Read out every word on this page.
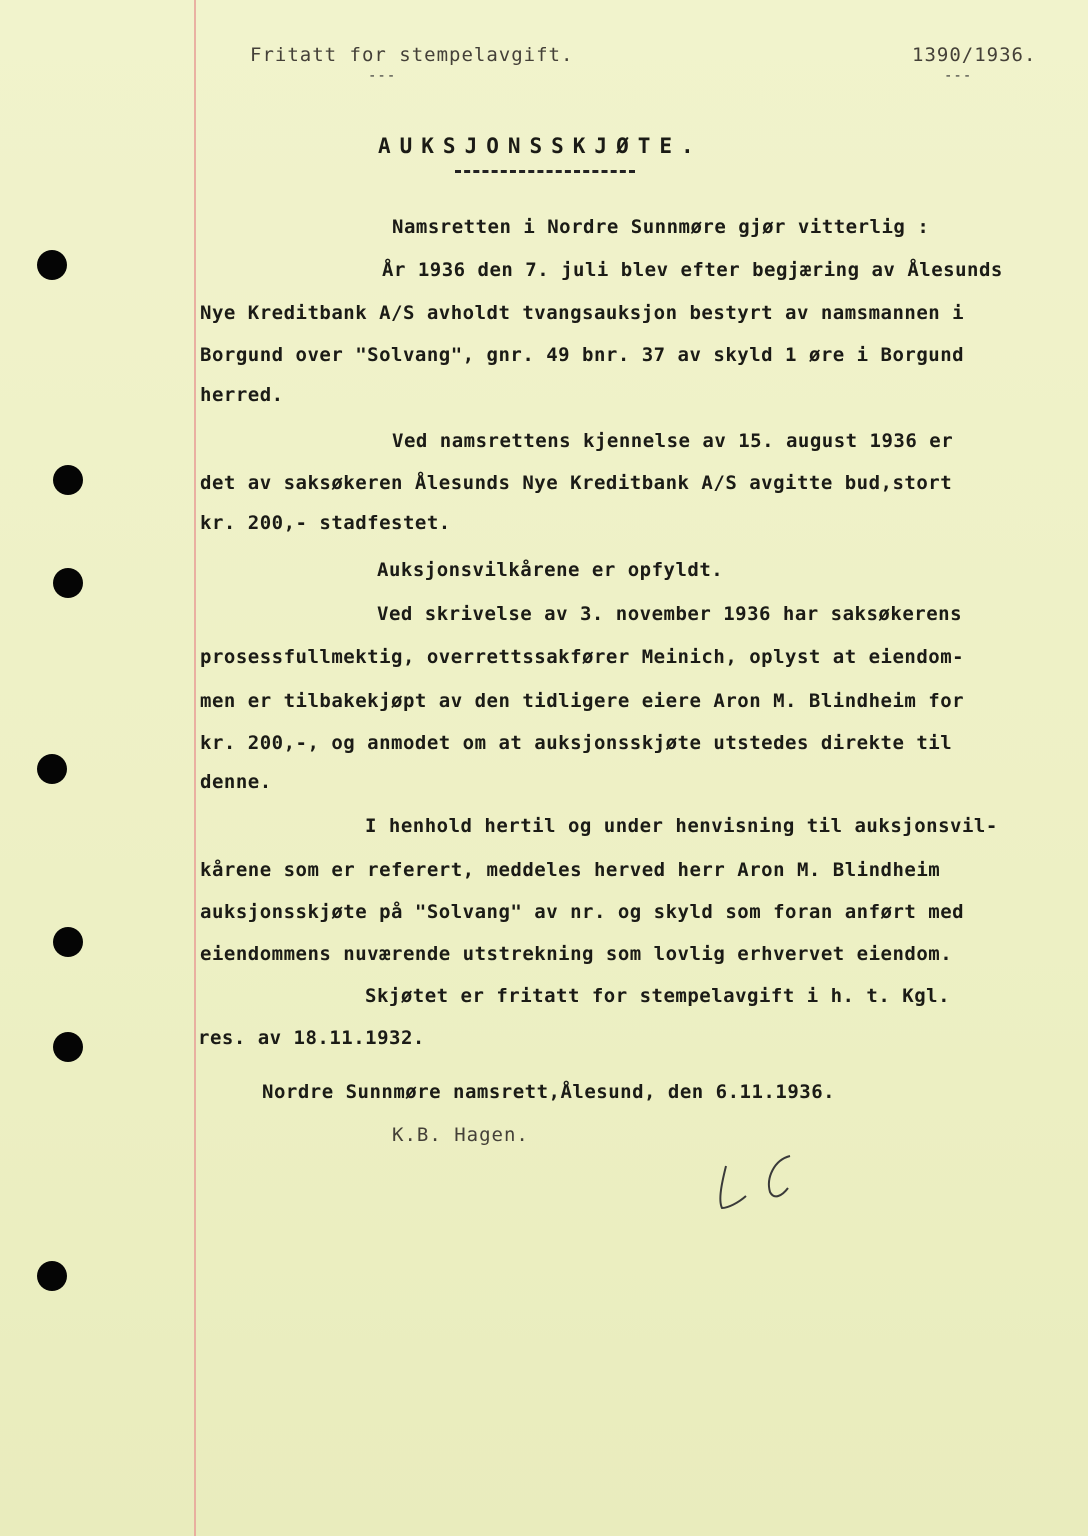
Fritatt for stempelavgift.
---
1390/1936.
---
AUKSJONSSKJØTE.
Namsretten i Nordre Sunnmøre gjør vitterlig :
År 1936 den 7. juli blev efter begjæring av Ålesunds
Nye Kreditbank A/S avholdt tvangsauksjon bestyrt av namsmannen i
Borgund over "Solvang", gnr. 49 bnr. 37 av skyld 1 øre i Borgund
herred.
Ved namsrettens kjennelse av 15. august 1936 er
det av saksøkeren Ålesunds Nye Kreditbank A/S avgitte bud,stort
kr. 200,- stadfestet.
Auksjonsvilkårene er opfyldt.
Ved skrivelse av 3. november 1936 har saksøkerens
prosessfullmektig, overrettssakfører Meinich, oplyst at eiendom-
men er tilbakekjøpt av den tidligere eiere Aron M. Blindheim for
kr. 200,-, og anmodet om at auksjonsskjøte utstedes direkte til
denne.
I henhold hertil og under henvisning til auksjonsvil-
kårene som er referert, meddeles herved herr Aron M. Blindheim
auksjonsskjøte på "Solvang" av nr. og skyld som foran anført med
eiendommens nuværende utstrekning som lovlig erhvervet eiendom.
Skjøtet er fritatt for stempelavgift i h. t. Kgl.
res. av 18.11.1932.
Nordre Sunnmøre namsrett,Ålesund, den 6.11.1936.
K.B. Hagen.
